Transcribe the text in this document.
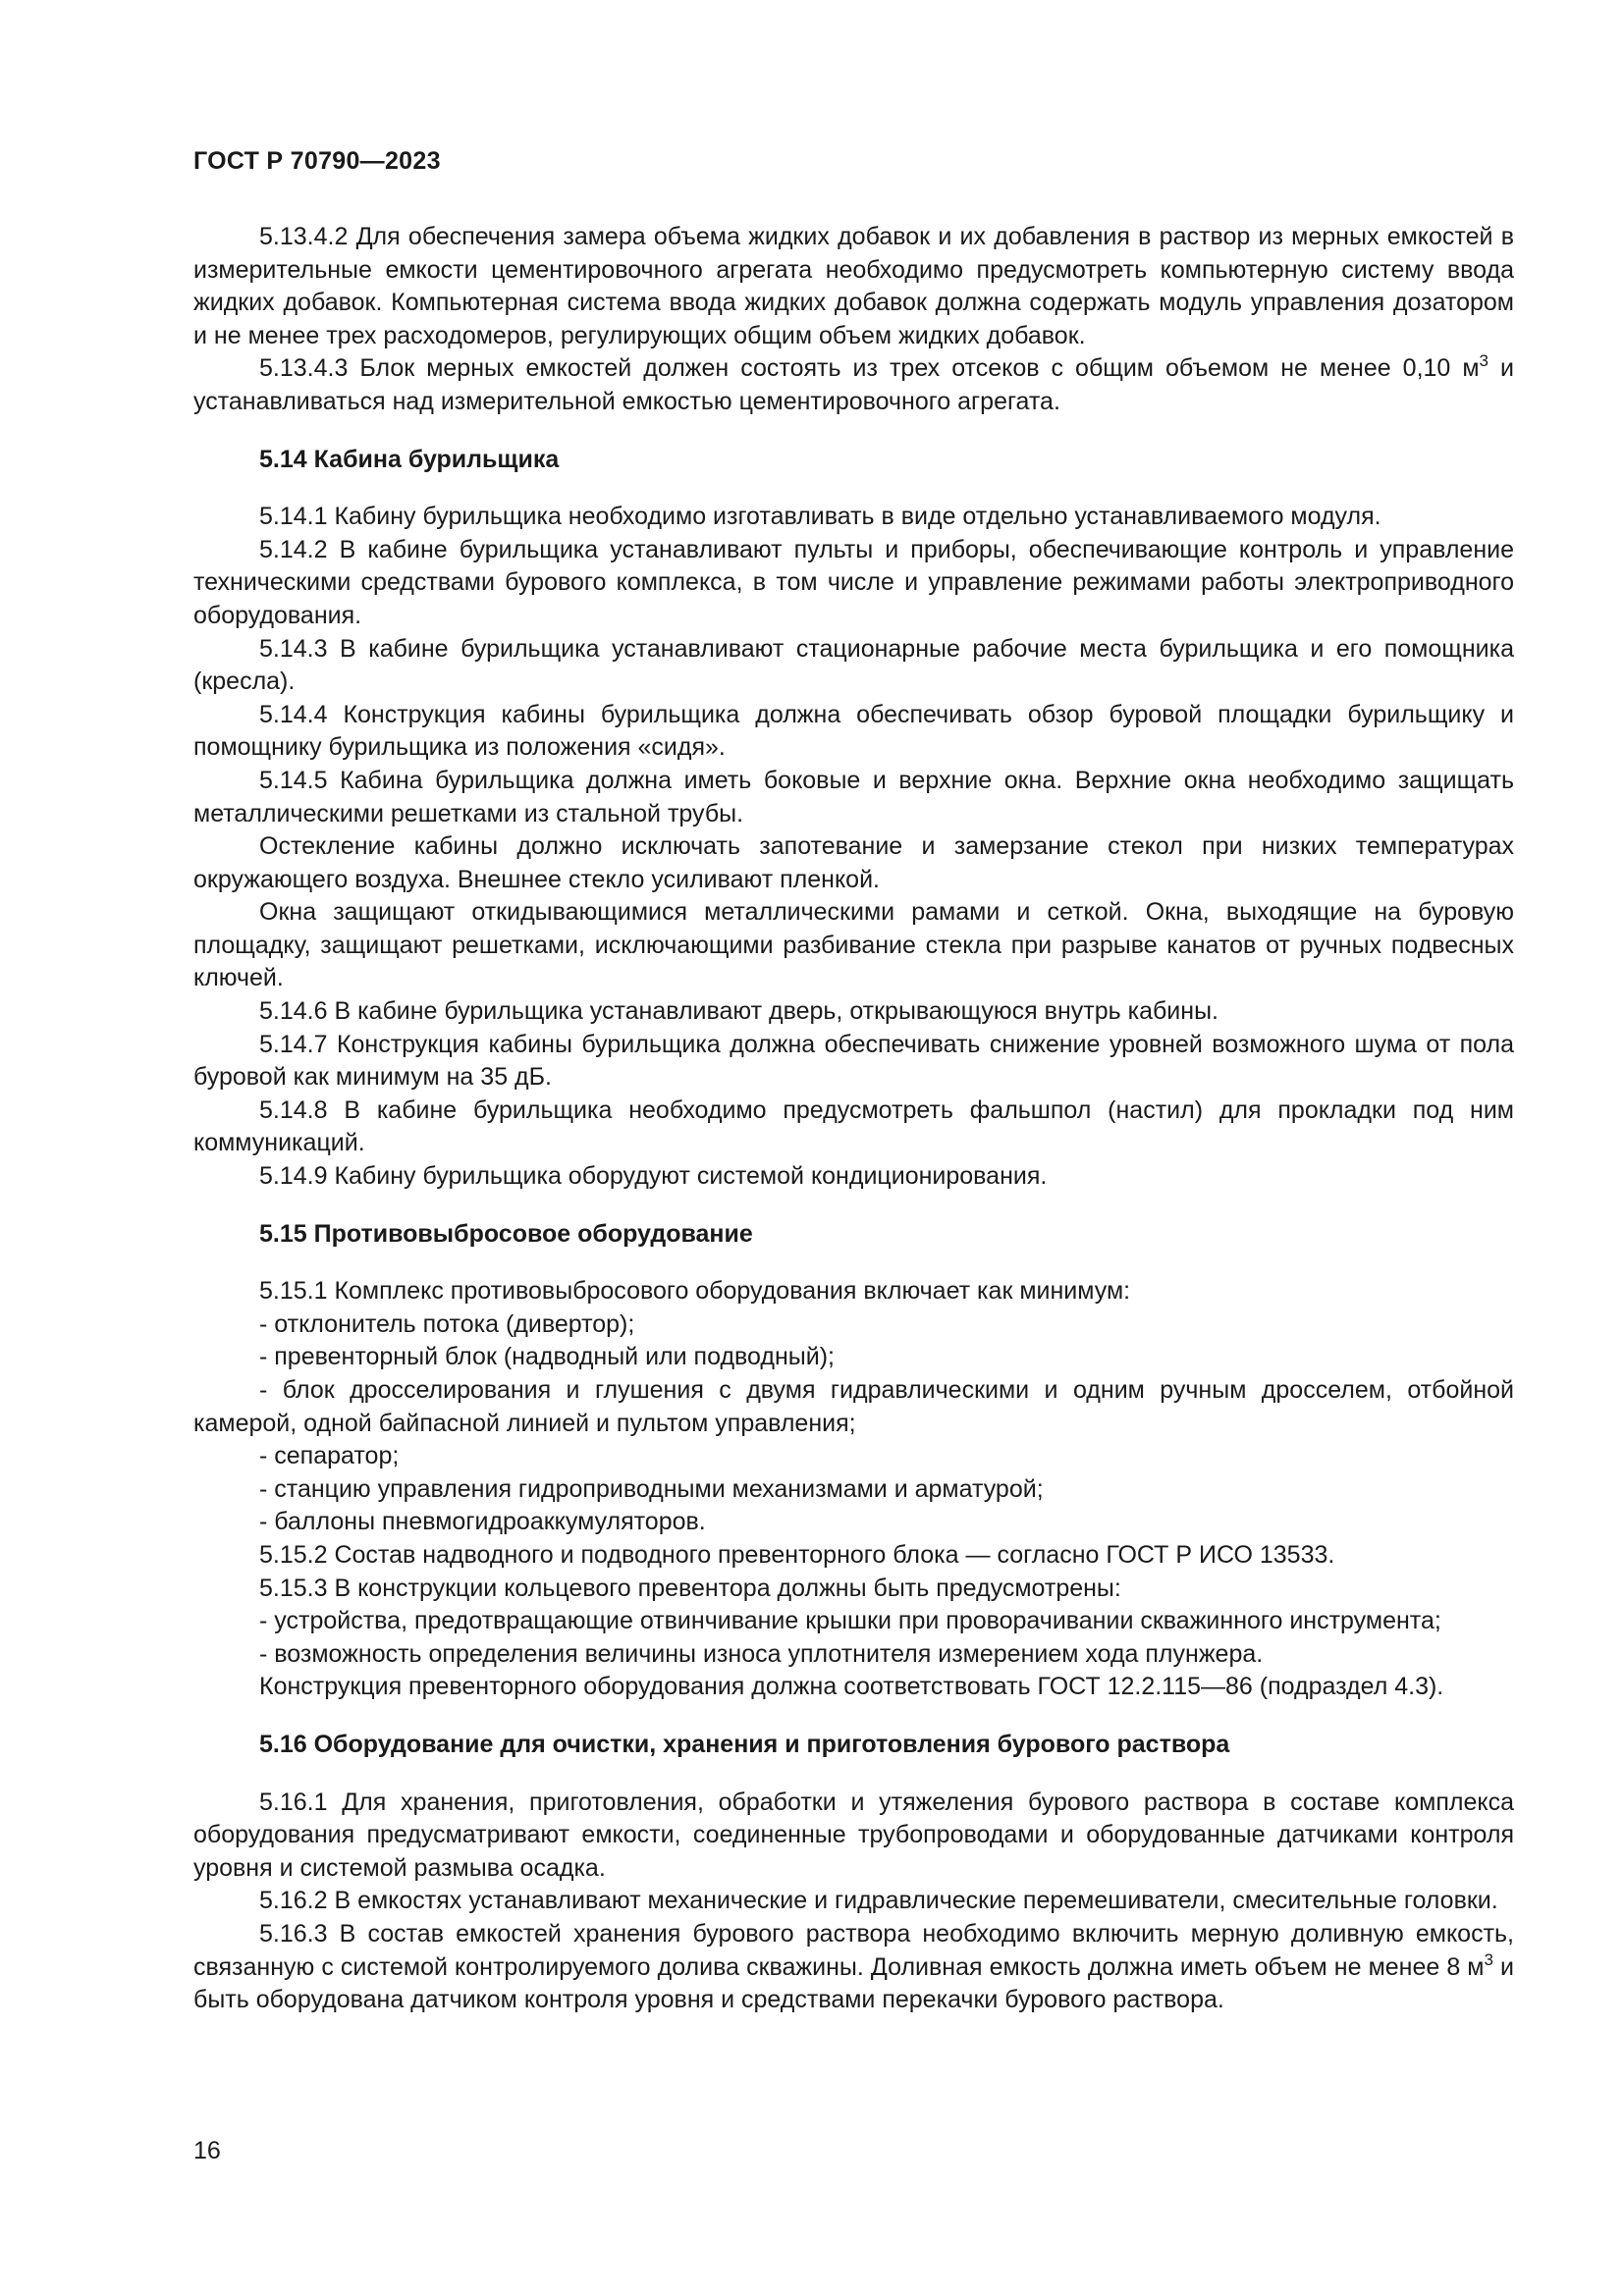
ГОСТ Р 70790—2023

5.13.4.2 Для обеспечения замера объема жидких добавок и их добавления в раствор из мерных емкостей в измерительные емкости цементировочного агрегата необходимо предусмотреть компьютерную систему ввода жидких добавок. Компьютерная система ввода жидких добавок должна содержать модуль управления дозатором и не менее трех расходомеров, регулирующих общим объем жидких добавок.

5.13.4.3 Блок мерных емкостей должен состоять из трех отсеков с общим объемом не менее 0,10 $м^3$ и устанавливаться над измерительной емкостью цементировочного агрегата.

5.14 Кабина бурильщика

5.14.1 Кабину бурильщика необходимо изготавливать в виде отдельно устанавливаемого модуля.

5.14.2 В кабине бурильщика устанавливают пульты и приборы, обеспечивающие контроль и управление техническими средствами бурового комплекса, в том числе и управление режимами работы электроприводного оборудования.

5.14.3 В кабине бурильщика устанавливают стационарные рабочие места бурильщика и его помощника (кресла).

5.14.4 Конструкция кабины бурильщика должна обеспечивать обзор буровой площадки бурильщику и помощнику бурильщика из положения «сидя».

5.14.5 Кабина бурильщика должна иметь боковые и верхние окна. Верхние окна необходимо защищать металлическими решетками из стальной трубы.

Остекление кабины должно исключать запотевание и замерзание стекол при низких температурах окружающего воздуха. Внешнее стекло усиливают пленкой.

Окна защищают откидывающимися металлическими рамами и сеткой. Окна, выходящие на буровую площадку, защищают решетками, исключающими разбивание стекла при разрыве канатов от ручных подвесных ключей.

5.14.6 В кабине бурильщика устанавливают дверь, открывающуюся внутрь кабины.

5.14.7 Конструкция кабины бурильщика должна обеспечивать снижение уровней возможного шума от пола буровой как минимум на 35 дБ.

5.14.8 В кабине бурильщика необходимо предусмотреть фальшпол (настил) для прокладки под ним коммуникаций.

5.14.9 Кабину бурильщика оборудуют системой кондиционирования.

5.15 Противовыбросовое оборудование

5.15.1 Комплекс противовыбросового оборудования включает как минимум:

- отклонитель потока (дивертор);

- превенторный блок (надводный или подводный);

- блок дросселирования и глушения с двумя гидравлическими и одним ручным дросселем, отбойной камерой, одной байпасной линией и пультом управления;

- сепаратор;

- станцию управления гидроприводными механизмами и арматурой;

- баллоны пневмогидроаккумуляторов.

5.15.2 Состав надводного и подводного превенторного блока — согласно ГОСТ Р ИСО 13533.

5.15.3 В конструкции кольцевого превентора должны быть предусмотрены:

- устройства, предотвращающие отвинчивание крышки при проворачивании скважинного инструмента;

- возможность определения величины износа уплотнителя измерением хода плунжера.

Конструкция превенторного оборудования должна соответствовать ГОСТ 12.2.115—86 (подраздел 4.3).

5.16 Оборудование для очистки, хранения и приготовления бурового раствора

5.16.1 Для хранения, приготовления, обработки и утяжеления бурового раствора в составе комплекса оборудования предусматривают емкости, соединенные трубопроводами и оборудованные датчиками контроля уровня и системой размыва осадка.

5.16.2 В емкостях устанавливают механические и гидравлические перемешиватели, смесительные головки.

5.16.3 В состав емкостей хранения бурового раствора необходимо включить мерную доливную емкость, связанную с системой контролируемого долива скважины. Доливная емкость должна иметь объем не менее 8 $м^3$ и быть оборудована датчиком контроля уровня и средствами перекачки бурового раствора.

16
